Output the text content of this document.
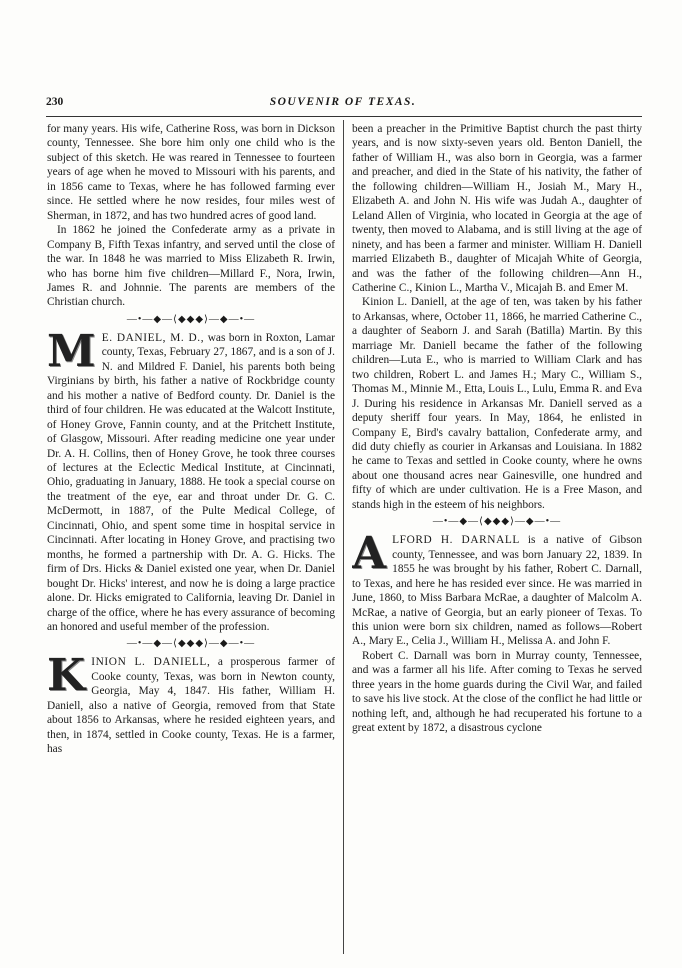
230	SOUVENIR OF TEXAS.

for many years. His wife, Catherine Ross, was born in Dickson county, Tennessee. She bore him only one child who is the subject of this sketch. He was reared in Tennessee to fourteen years of age when he moved to Missouri with his parents, and in 1856 came to Texas, where he has followed farming ever since. He settled where he now resides, four miles west of Sherman, in 1872, and has two hundred acres of good land.

In 1862 he joined the Confederate army as a private in Company B, Fifth Texas infantry, and served until the close of the war. In 1848 he was married to Miss Elizabeth R. Irwin, who has borne him five children—Millard F., Nora, Irwin, James R. and Johnnie. The parents are members of the Christian church.

—•—◆—⟨◆◆◆⟩—◆—•—

M E. DANIEL, M. D., was born in Roxton, Lamar county, Texas, February 27, 1867, and is a son of J. N. and Mildred F. Daniel, his parents both being Virginians by birth, his father a native of Rockbridge county and his mother a native of Bedford county. Dr. Daniel is the third of four children. He was educated at the Walcott Institute, of Honey Grove, Fannin county, and at the Pritchett Institute, of Glasgow, Missouri. After reading medicine one year under Dr. A. H. Collins, then of Honey Grove, he took three courses of lectures at the Eclectic Medical Institute, at Cincinnati, Ohio, graduating in January, 1888. He took a special course on the treatment of the eye, ear and throat under Dr. G. C. McDermott, in 1887, of the Pulte Medical College, of Cincinnati, Ohio, and spent some time in hospital service in Cincinnati. After locating in Honey Grove, and practising two months, he formed a partnership with Dr. A. G. Hicks. The firm of Drs. Hicks & Daniel existed one year, when Dr. Daniel bought Dr. Hicks' interest, and now he is doing a large practice alone. Dr. Hicks emigrated to California, leaving Dr. Daniel in charge of the office, where he has every assurance of becoming an honored and useful member of the profession.

—•—◆—⟨◆◆◆⟩—◆—•—

KINION L. DANIELL, a prosperous farmer of Cooke county, Texas, was born in Newton county, Georgia, May 4, 1847. His father, William H. Daniell, also a native of Georgia, removed from that State about 1856 to Arkansas, where he resided eighteen years, and then, in 1874, settled in Cooke county, Texas. He is a farmer, has

been a preacher in the Primitive Baptist church the past thirty years, and is now sixty-seven years old. Benton Daniell, the father of William H., was also born in Georgia, was a farmer and preacher, and died in the State of his nativity, the father of the following children—William H., Josiah M., Mary H., Elizabeth A. and John N. His wife was Judah A., daughter of Leland Allen of Virginia, who located in Georgia at the age of twenty, then moved to Alabama, and is still living at the age of ninety, and has been a farmer and minister. William H. Daniell married Elizabeth B., daughter of Micajah White of Georgia, and was the father of the following children—Ann H., Catherine C., Kinion L., Martha V., Micajah B. and Emer M.

Kinion L. Daniell, at the age of ten, was taken by his father to Arkansas, where, October 11, 1866, he married Catherine C., a daughter of Seaborn J. and Sarah (Batilla) Martin. By this marriage Mr. Daniell became the father of the following children—Luta E., who is married to William Clark and has two children, Robert L. and James H.; Mary C., William S., Thomas M., Minnie M., Etta, Louis L., Lulu, Emma R. and Eva J. During his residence in Arkansas Mr. Daniell served as a deputy sheriff four years. In May, 1864, he enlisted in Company E, Bird's cavalry battalion, Confederate army, and did duty chiefly as courier in Arkansas and Louisiana. In 1882 he came to Texas and settled in Cooke county, where he owns about one thousand acres near Gainesville, one hundred and fifty of which are under cultivation. He is a Free Mason, and stands high in the esteem of his neighbors.

—•—◆—⟨◆◆◆⟩—◆—•—

ALFORD H. DARNALL is a native of Gibson county, Tennessee, and was born January 22, 1839. In 1855 he was brought by his father, Robert C. Darnall, to Texas, and here he has resided ever since. He was married in June, 1860, to Miss Barbara McRae, a daughter of Malcolm A. McRae, a native of Georgia, but an early pioneer of Texas. To this union were born six children, named as follows—Robert A., Mary E., Celia J., William H., Melissa A. and John F.

Robert C. Darnall was born in Murray county, Tennessee, and was a farmer all his life. After coming to Texas he served three years in the home guards during the Civil War, and failed to save his live stock. At the close of the conflict he had little or nothing left, and, although he had recuperated his fortune to a great extent by 1872, a disastrous cyclone
